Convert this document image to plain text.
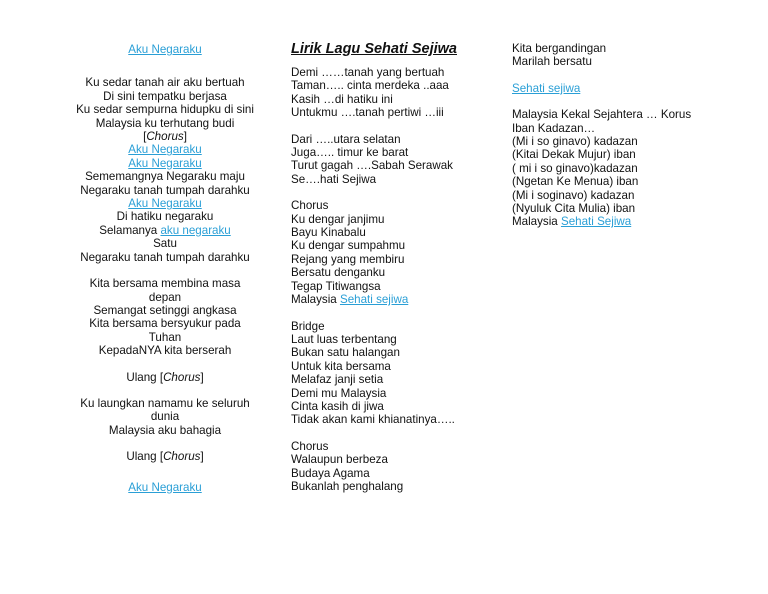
Aku Negaraku
Ku sedar tanah air aku bertuah
Di sini tempatku berjasa
Ku sedar sempurna hidupku di sini
Malaysia ku terhutang budi
[Chorus]
Aku Negaraku
Aku Negaraku
Sememangnya Negaraku maju
Negaraku tanah tumpah darahku
Aku Negaraku
Di hatiku negaraku
Selamanya aku negaraku
Satu
Negaraku tanah tumpah darahku
Kita bersama membina masa
depan
Semangat setinggi angkasa
Kita bersama bersyukur pada
Tuhan
KepadaNYA kita berserah
Ulang [Chorus]
Ku laungkan namamu ke seluruh
dunia
Malaysia aku bahagia
Ulang [Chorus]
Aku Negaraku
Lirik Lagu Sehati Sejiwa
Demi ……tanah yang bertuah
Taman….. cinta merdeka ..aaa
Kasih …di hatiku ini
Untukmu ….tanah pertiwi …iii
Dari …..utara selatan
Juga….. timur ke barat
Turut gagah ….Sabah Serawak
Se….hati Sejiwa
Chorus
Ku dengar janjimu
Bayu Kinabalu
Ku dengar sumpahmu
Rejang yang membiru
Bersatu denganku
Tegap Titiwangsa
Malaysia Sehati sejiwa
Bridge
Laut luas terbentang
Bukan satu halangan
Untuk kita bersama
Melafaz janji setia
Demi mu Malaysia
Cinta kasih di jiwa
Tidak akan kami khianatinya…..
Chorus
Walaupun berbeza
Budaya Agama
Bukanlah penghalang
Kita bergandingan
Marilah bersatu
Sehati sejiwa
Malaysia Kekal Sejahtera … Korus
Iban Kadazan…
(Mi i so ginavo) kadazan
(Kitai Dekak Mujur) iban
( mi i so ginavo)kadazan
(Ngetan Ke Menua) iban
(Mi i soginavo) kadazan
(Nyuluk Cita Mulia) iban
Malaysia Sehati Sejiwa
